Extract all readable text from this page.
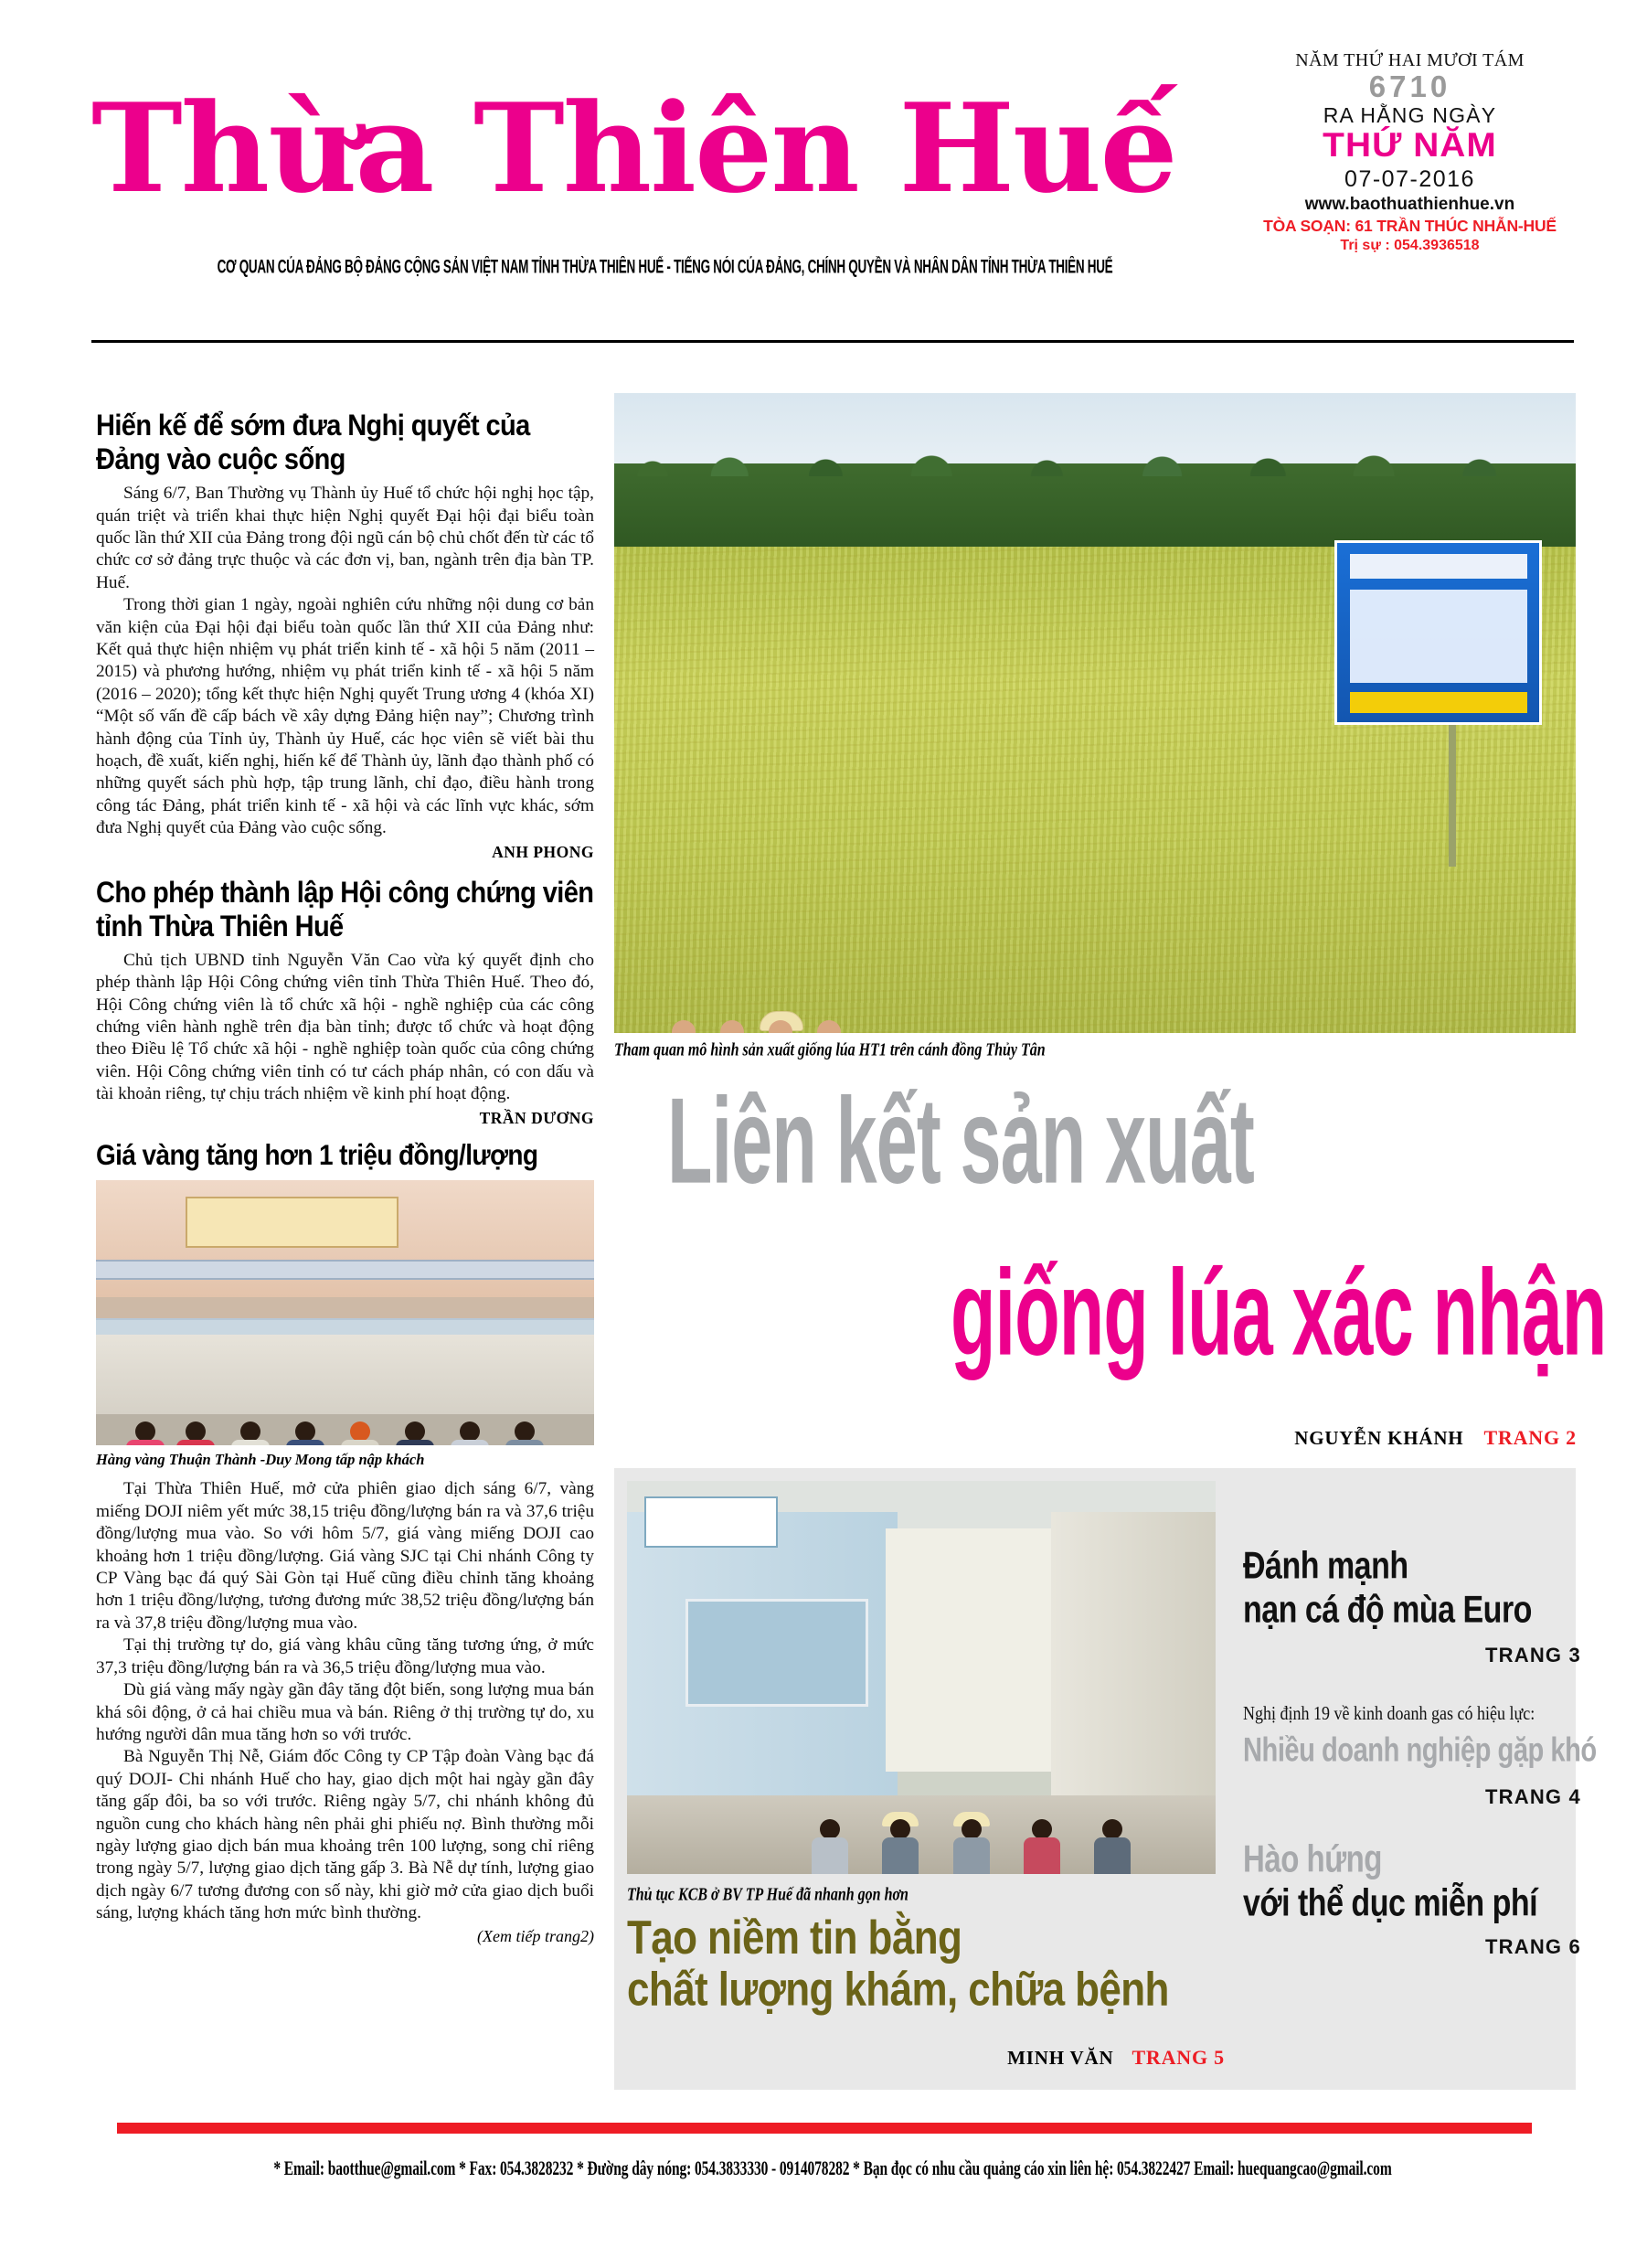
Thừa Thiên Huế
CƠ QUAN CỦA ĐẢNG BỘ ĐẢNG CỘNG SẢN VIỆT NAM TỈNH THỪA THIÊN HUẾ - TIẾNG NÓI CỦA ĐẢNG, CHÍNH QUYỀN VÀ NHÂN DÂN TỈNH THỪA THIÊN HUẾ
NĂM THỨ HAI MƯƠI TÁM
6710
RA HẰNG NGÀY
THỨ NĂM
07-07-2016
www.baothuathienhue.vn
TÒA SOẠN: 61 TRẦN THÚC NHẪN-HUẾ
Trị sự : 054.3936518
Hiến kế để sớm đưa Nghị quyết của Đảng vào cuộc sống

Sáng 6/7, Ban Thường vụ Thành ủy Huế tổ chức hội nghị học tập, quán triệt và triển khai thực hiện Nghị quyết Đại hội đại biểu toàn quốc lần thứ XII của Đảng trong đội ngũ cán bộ chủ chốt đến từ các tổ chức cơ sở đảng trực thuộc và các đơn vị, ban, ngành trên địa bàn TP. Huế.

Trong thời gian 1 ngày, ngoài nghiên cứu những nội dung cơ bản văn kiện của Đại hội đại biểu toàn quốc lần thứ XII của Đảng như: Kết quả thực hiện nhiệm vụ phát triển kinh tế - xã hội 5 năm (2011 – 2015) và phương hướng, nhiệm vụ phát triển kinh tế - xã hội 5 năm (2016 – 2020); tổng kết thực hiện Nghị quyết Trung ương 4 (khóa XI) “Một số vấn đề cấp bách về xây dựng Đảng hiện nay”; Chương trình hành động của Tỉnh ủy, Thành ủy Huế, các học viên sẽ viết bài thu hoạch, đề xuất, kiến nghị, hiến kế để Thành ủy, lãnh đạo thành phố có những quyết sách phù hợp, tập trung lãnh, chỉ đạo, điều hành trong công tác Đảng, phát triển kinh tế - xã hội và các lĩnh vực khác, sớm đưa Nghị quyết của Đảng vào cuộc sống.

ANH PHONG
Cho phép thành lập Hội công chứng viên tỉnh Thừa Thiên Huế

Chủ tịch UBND tỉnh Nguyễn Văn Cao vừa ký quyết định cho phép thành lập Hội Công chứng viên tỉnh Thừa Thiên Huế. Theo đó, Hội Công chứng viên là tổ chức xã hội - nghề nghiệp của các công chứng viên hành nghề trên địa bàn tỉnh; được tổ chức và hoạt động theo Điều lệ Tổ chức xã hội - nghề nghiệp toàn quốc của công chứng viên. Hội Công chứng viên tỉnh có tư cách pháp nhân, có con dấu và tài khoản riêng, tự chịu trách nhiệm về kinh phí hoạt động.

TRẦN DƯƠNG
Giá vàng tăng hơn 1 triệu đồng/lượng
Hàng vàng Thuận Thành -Duy Mong tấp nập khách

Tại Thừa Thiên Huế, mở cửa phiên giao dịch sáng 6/7, vàng miếng DOJI niêm yết mức 38,15 triệu đồng/lượng bán ra và 37,6 triệu đồng/lượng mua vào. So với hôm 5/7, giá vàng miếng DOJI cao khoảng hơn 1 triệu đồng/lượng. Giá vàng SJC tại Chi nhánh Công ty CP Vàng bạc đá quý Sài Gòn tại Huế cũng điều chỉnh tăng khoảng hơn 1 triệu đồng/lượng, tương đương mức 38,52 triệu đồng/lượng bán ra và 37,8 triệu đồng/lượng mua vào.

Tại thị trường tự do, giá vàng khâu cũng tăng tương ứng, ở mức 37,3 triệu đồng/lượng bán ra và 36,5 triệu đồng/lượng mua vào.

Dù giá vàng mấy ngày gần đây tăng đột biến, song lượng mua bán khá sôi động, ở cả hai chiều mua và bán. Riêng ở thị trường tự do, xu hướng người dân mua tăng hơn so với trước.

Bà Nguyễn Thị Nễ, Giám đốc Công ty CP Tập đoàn Vàng bạc đá quý DOJI- Chi nhánh Huế cho hay, giao dịch một hai ngày gần đây tăng gấp đôi, ba so với trước. Riêng ngày 5/7, chi nhánh không đủ nguồn cung cho khách hàng nên phải ghi phiếu nợ. Bình thường mỗi ngày lượng giao dịch bán mua khoảng trên 100 lượng, song chỉ riêng trong ngày 5/7, lượng giao dịch tăng gấp 3. Bà Nễ dự tính, lượng giao dịch ngày 6/7 tương đương con số này, khi giờ mở cửa giao dịch buổi sáng, lượng khách tăng hơn mức bình thường.

(Xem tiếp trang2)
Tham quan mô hình sản xuất giống lúa HT1 trên cánh đồng Thủy Tân
Liên kết sản xuất
giống lúa xác nhận
NGUYỄN KHÁNH TRANG 2
Thủ tục KCB ở BV TP Huế đã nhanh gọn hơn
Tạo niềm tin bằng
chất lượng khám, chữa bệnh
MINH VĂN TRANG 5
Đánh mạnh
nạn cá độ mùa Euro
TRANG 3
Nghị định 19 về kinh doanh gas có hiệu lực:
Nhiều doanh nghiệp gặp khó
TRANG 4
Hào hứng
với thể dục miễn phí
TRANG 6
* Email: baotthue@gmail.com * Fax: 054.3828232 * Đường dây nóng: 054.3833330 - 0914078282 * Bạn đọc có nhu cầu quảng cáo xin liên hệ: 054.3822427 Email: huequangcao@gmail.com
